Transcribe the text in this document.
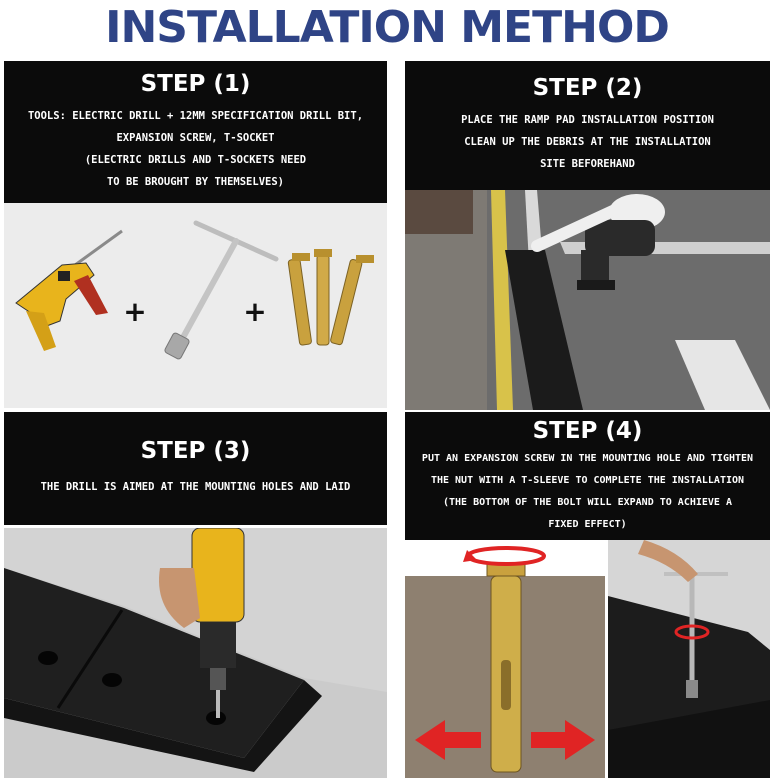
INSTALLATION METHOD
STEP (1)
TOOLS: ELECTRIC DRILL + 12MM SPECIFICATION DRILL BIT,
EXPANSION SCREW, T-SOCKET
(ELECTRIC DRILLS AND T-SOCKETS NEED
TO BE BROUGHT BY THEMSELVES)
+	+
STEP (2)
PLACE THE RAMP PAD INSTALLATION POSITION
CLEAN UP THE DEBRIS AT THE INSTALLATION
SITE BEFOREHAND
STEP (3)
THE DRILL IS AIMED AT THE MOUNTING HOLES AND LAID
STEP (4)
PUT AN EXPANSION SCREW IN THE MOUNTING HOLE AND TIGHTEN
THE NUT WITH A T-SLEEVE TO COMPLETE THE INSTALLATION
(THE BOTTOM OF THE BOLT WILL EXPAND TO ACHIEVE A
FIXED EFFECT)
